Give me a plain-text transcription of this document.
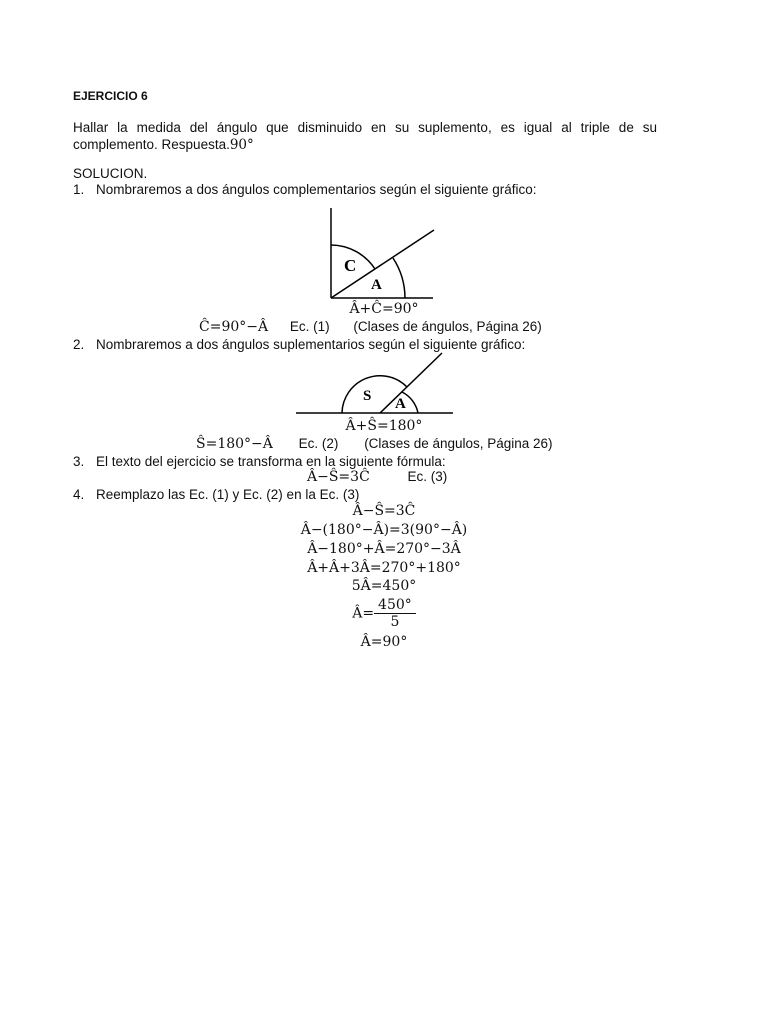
EJERCICIO 6
Hallar la medida del ángulo que disminuido en su suplemento, es igual al triple de su complemento. Respuesta.90°
SOLUCION.
1. Nombraremos a dos ángulos complementarios según el siguiente gráfico:
C
A
Â+Ĉ=90°
Ĉ=90°−Â Ec. (1) (Clases de ángulos, Página 26)
2. Nombraremos a dos ángulos suplementarios según el siguiente gráfico:
S A
Â+Ŝ=180°
Ŝ=180°−Â Ec. (2) (Clases de ángulos, Página 26)
3. El texto del ejercicio se transforma en la siguiente fórmula:
Â−Ŝ=3Ĉ	Ec. (3)
4. Reemplazo las Ec. (1) y Ec. (2) en la Ec. (3)
Â−Ŝ=3Ĉ
Â−(180°−Â)=3(90°−Â)
Â−180°+Â=270°−3Â
Â+Â+3Â=270°+180°
5Â=450°
Â= $\frac{450^\circ}{5}$
Â=90°
